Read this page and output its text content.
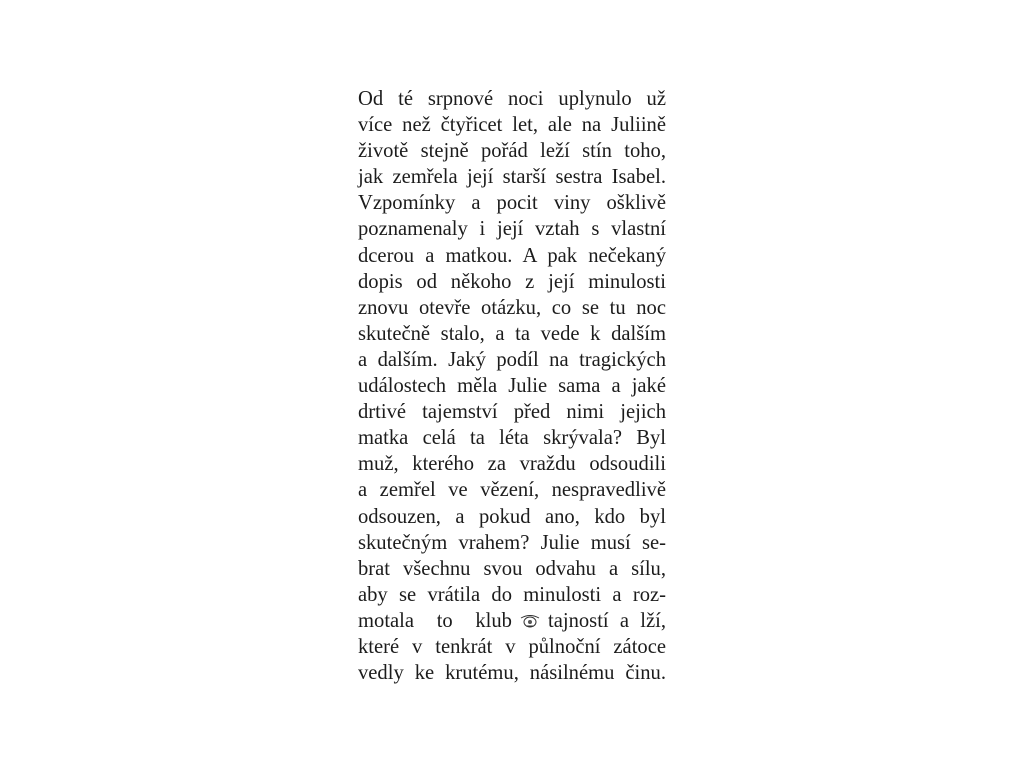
Od té srpnové noci uplynulo už
více než čtyřicet let, ale na Juliině
životě stejně pořád leží stín toho,
jak zemřela její starší sestra Isabel.
Vzpomínky a pocit viny ošklivě
poznamenaly i její vztah s vlastní
dcerou a matkou. A pak nečekaný
dopis od někoho z její minulosti
znovu otevře otázku, co se tu noc
skutečně stalo, a ta vede k dalším
a dalším. Jaký podíl na tragických
událostech měla Julie sama a jaké
drtivé tajemství před nimi jejich
matka celá ta léta skrývala? Byl
muž, kterého za vraždu odsoudili
a zemřel ve vězení, nespravedlivě
odsouzen, a pokud ano, kdo byl
skutečným vrahem? Julie musí se-
brat všechnu svou odvahu a sílu,
aby se vrátila do minulosti a roz-
motala to klub tajností a lží,
které v tenkrát v půlnoční zátoce
vedly ke krutému, násilnému činu.
